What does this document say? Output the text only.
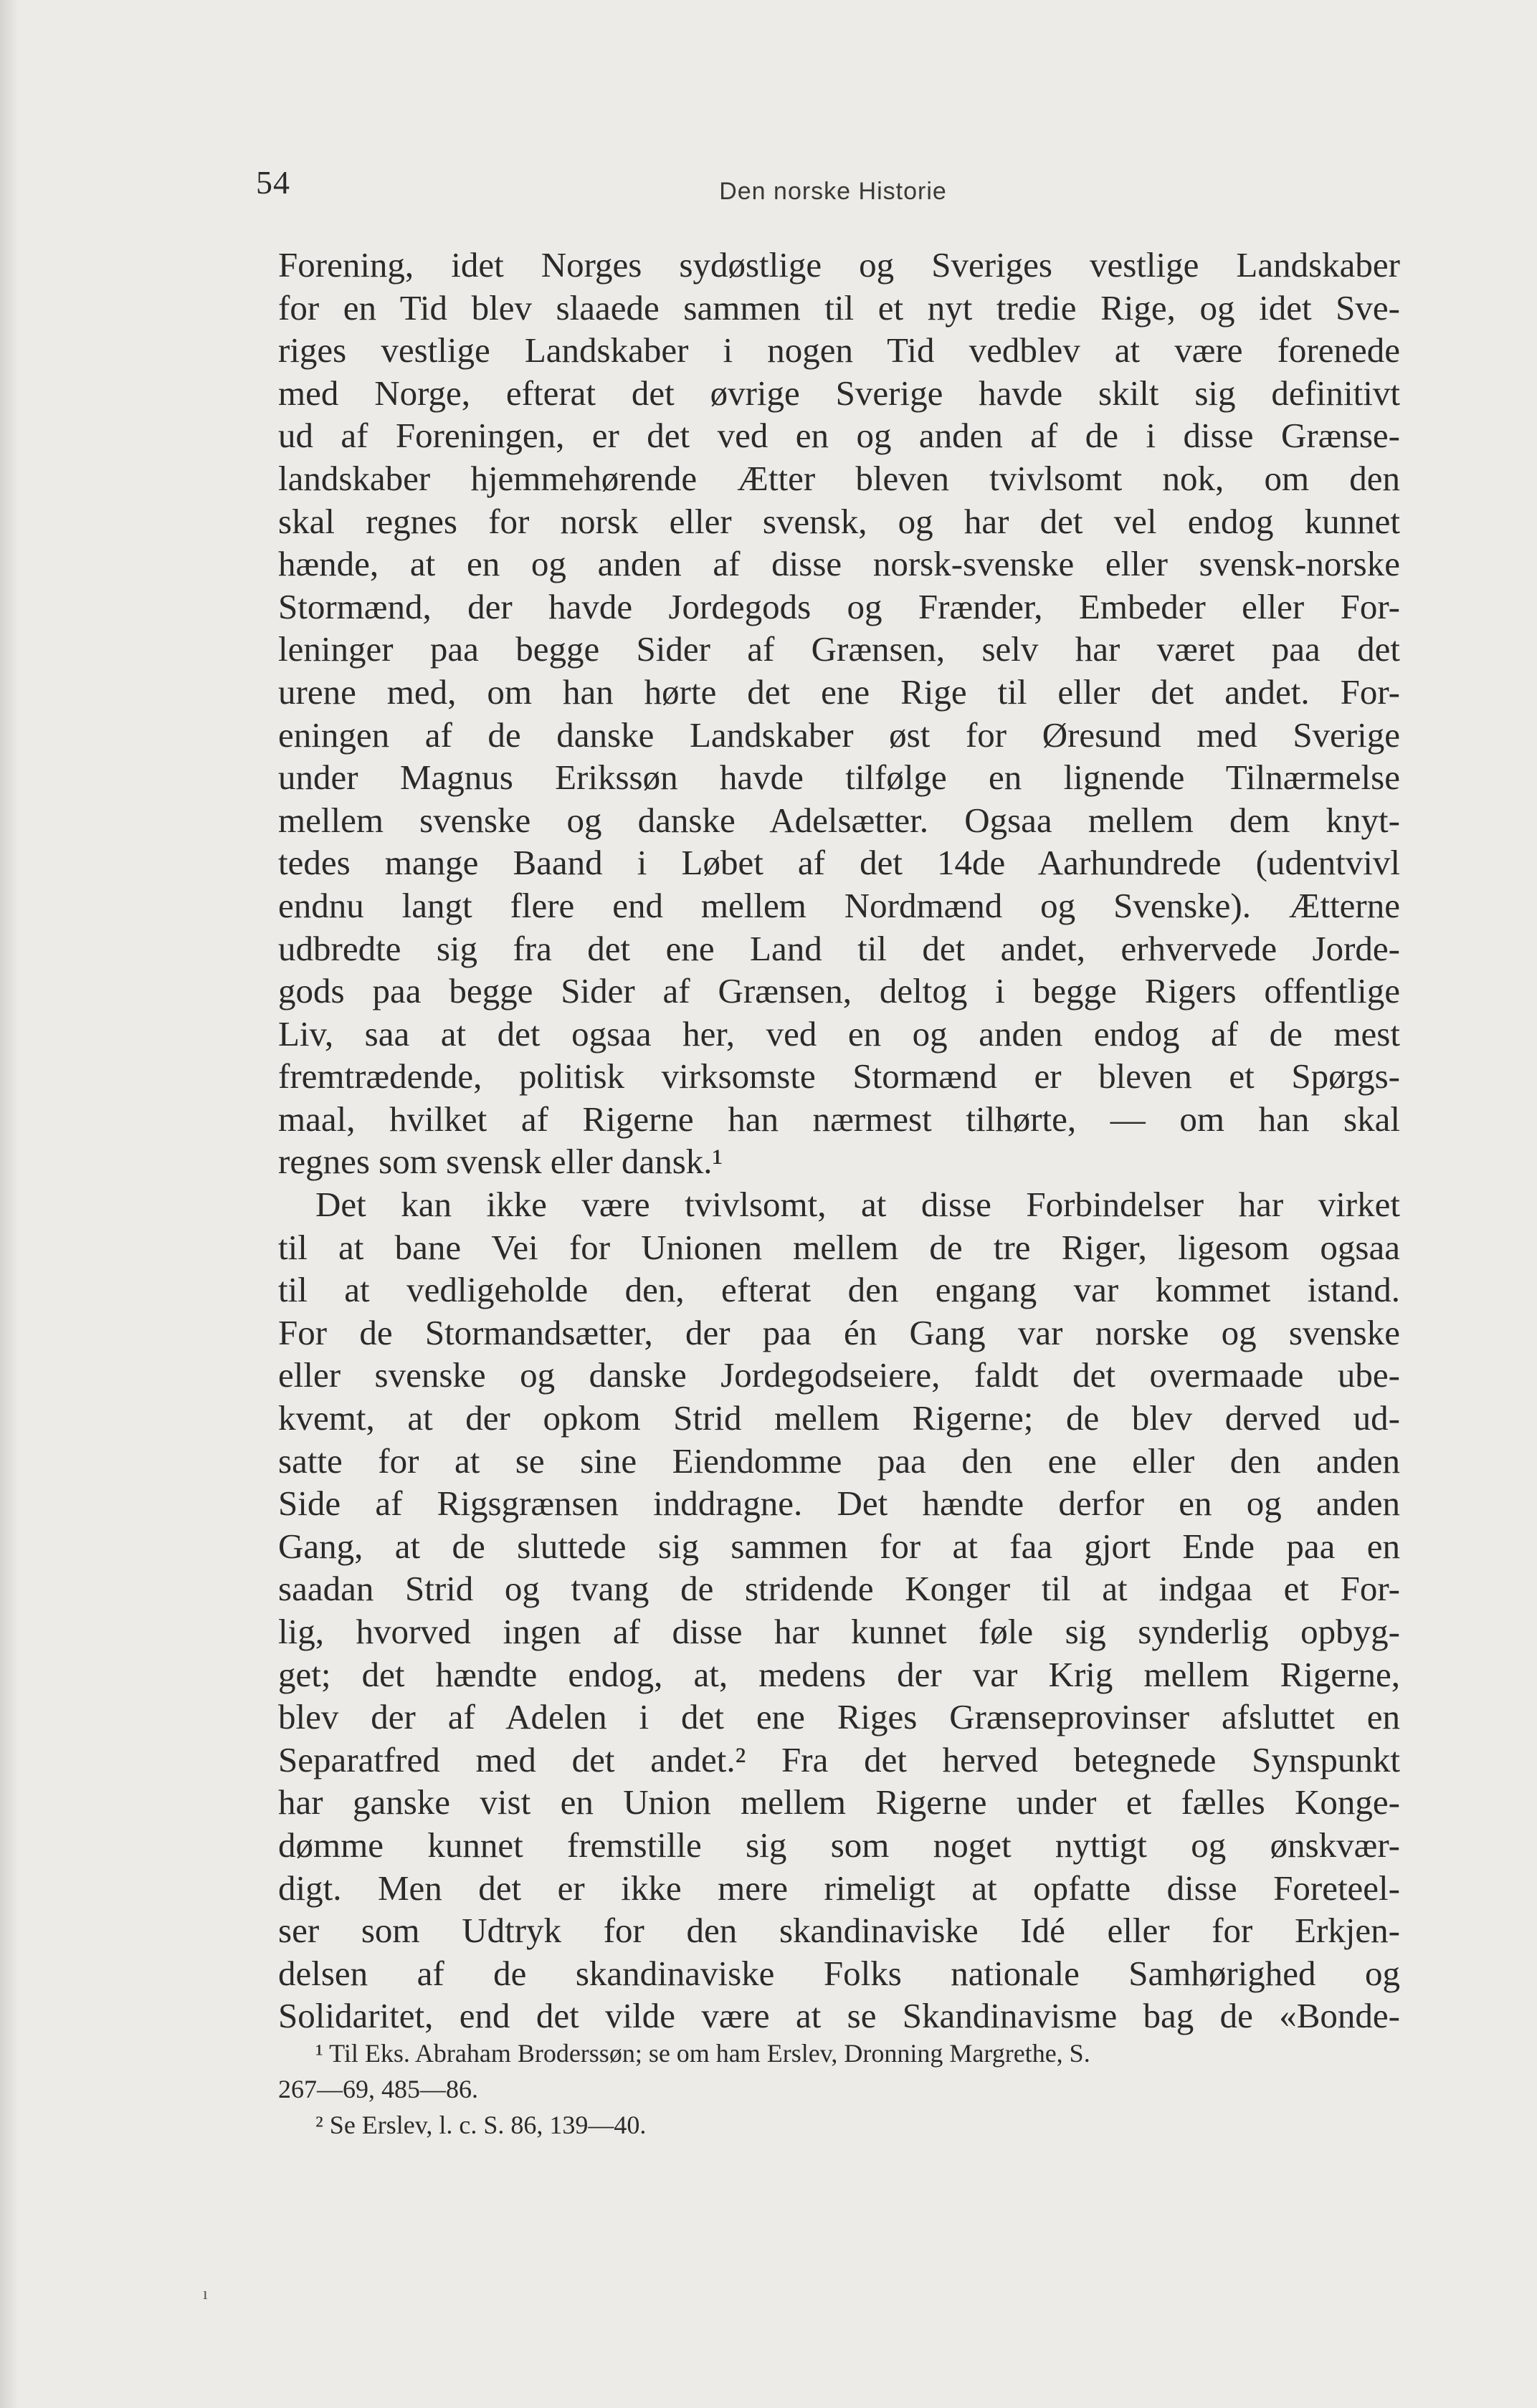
54	Den norske Historie
Forening, idet Norges sydøstlige og Sveriges vestlige Landskaber
for en Tid blev slaaede sammen til et nyt tredie Rige, og idet Sve-
riges vestlige Landskaber i nogen Tid vedblev at være forenede
med Norge, efterat det øvrige Sverige havde skilt sig definitivt
ud af Foreningen, er det ved en og anden af de i disse Grænse-
landskaber hjemmehørende Ætter bleven tvivlsomt nok, om den
skal regnes for norsk eller svensk, og har det vel endog kunnet
hænde, at en og anden af disse norsk-svenske eller svensk-norske
Stormænd, der havde Jordegods og Frænder, Embeder eller For-
leninger paa begge Sider af Grænsen, selv har været paa det
urene med, om han hørte det ene Rige til eller det andet. For-
eningen af de danske Landskaber øst for Øresund med Sverige
under Magnus Erikssøn havde tilfølge en lignende Tilnærmelse
mellem svenske og danske Adelsætter. Ogsaa mellem dem knyt-
tedes mange Baand i Løbet af det 14de Aarhundrede (udentvivl
endnu langt flere end mellem Nordmænd og Svenske). Ætterne
udbredte sig fra det ene Land til det andet, erhvervede Jorde-
gods paa begge Sider af Grænsen, deltog i begge Rigers offentlige
Liv, saa at det ogsaa her, ved en og anden endog af de mest
fremtrædende, politisk virksomste Stormænd er bleven et Spørgs-
maal, hvilket af Rigerne han nærmest tilhørte, — om han skal
regnes som svensk eller dansk.¹
Det kan ikke være tvivlsomt, at disse Forbindelser har virket
til at bane Vei for Unionen mellem de tre Riger, ligesom ogsaa
til at vedligeholde den, efterat den engang var kommet istand.
For de Stormandsætter, der paa én Gang var norske og svenske
eller svenske og danske Jordegodseiere, faldt det overmaade ube-
kvemt, at der opkom Strid mellem Rigerne; de blev derved ud-
satte for at se sine Eiendomme paa den ene eller den anden
Side af Rigsgrænsen inddragne. Det hændte derfor en og anden
Gang, at de sluttede sig sammen for at faa gjort Ende paa en
saadan Strid og tvang de stridende Konger til at indgaa et For-
lig, hvorved ingen af disse har kunnet føle sig synderlig opbyg-
get; det hændte endog, at, medens der var Krig mellem Rigerne,
blev der af Adelen i det ene Riges Grænseprovinser afsluttet en
Separatfred med det andet.² Fra det herved betegnede Synspunkt
har ganske vist en Union mellem Rigerne under et fælles Konge-
dømme kunnet fremstille sig som noget nyttigt og ønskvær-
digt. Men det er ikke mere rimeligt at opfatte disse Foreteel-
ser som Udtryk for den skandinaviske Idé eller for Erkjen-
delsen af de skandinaviske Folks nationale Samhørighed og
Solidaritet, end det vilde være at se Skandinavisme bag de «Bonde-
¹ Til Eks. Abraham Broderssøn; se om ham Erslev, Dronning Margrethe, S.
267—69, 485—86.
² Se Erslev, l. c. S. 86, 139—40.
ı
